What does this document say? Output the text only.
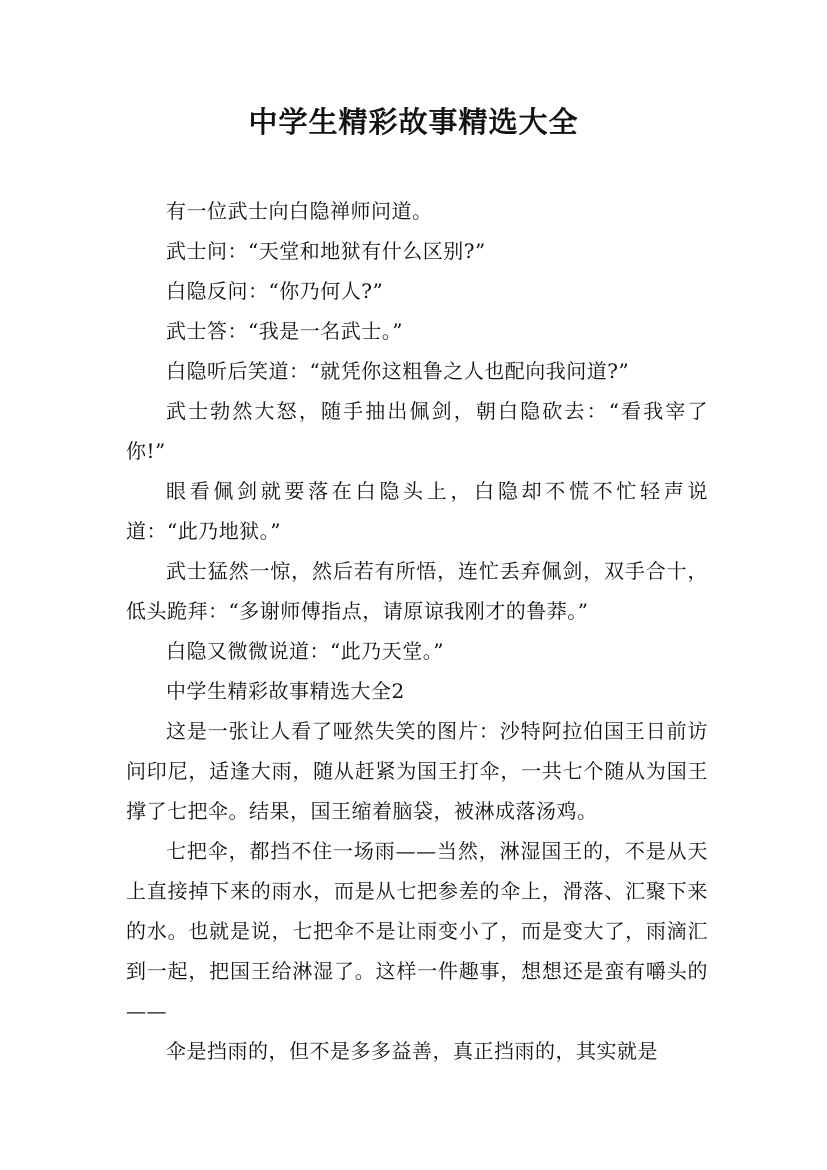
中学生精彩故事精选大全

有一位武士向白隐禅师问道。

武士问：“天堂和地狱有什么区别?”

白隐反问：“你乃何人?”

武士答：“我是一名武士。”

白隐听后笑道：“就凭你这粗鲁之人也配向我问道?”

武士勃然大怒，随手抽出佩剑，朝白隐砍去：“看我宰了你!”

眼看佩剑就要落在白隐头上，白隐却不慌不忙轻声说道：“此乃地狱。”

武士猛然一惊，然后若有所悟，连忙丢弃佩剑，双手合十，低头跪拜：“多谢师傅指点，请原谅我刚才的鲁莽。”

白隐又微微说道：“此乃天堂。”

中学生精彩故事精选大全2

这是一张让人看了哑然失笑的图片：沙特阿拉伯国王日前访问印尼，适逢大雨，随从赶紧为国王打伞，一共七个随从为国王撑了七把伞。结果，国王缩着脑袋，被淋成落汤鸡。

七把伞，都挡不住一场雨——当然，淋湿国王的，不是从天上直接掉下来的雨水，而是从七把参差的伞上，滑落、汇聚下来的水。也就是说，七把伞不是让雨变小了，而是变大了，雨滴汇到一起，把国王给淋湿了。这样一件趣事，想想还是蛮有嚼头的——

伞是挡雨的，但不是多多益善，真正挡雨的，其实就是
